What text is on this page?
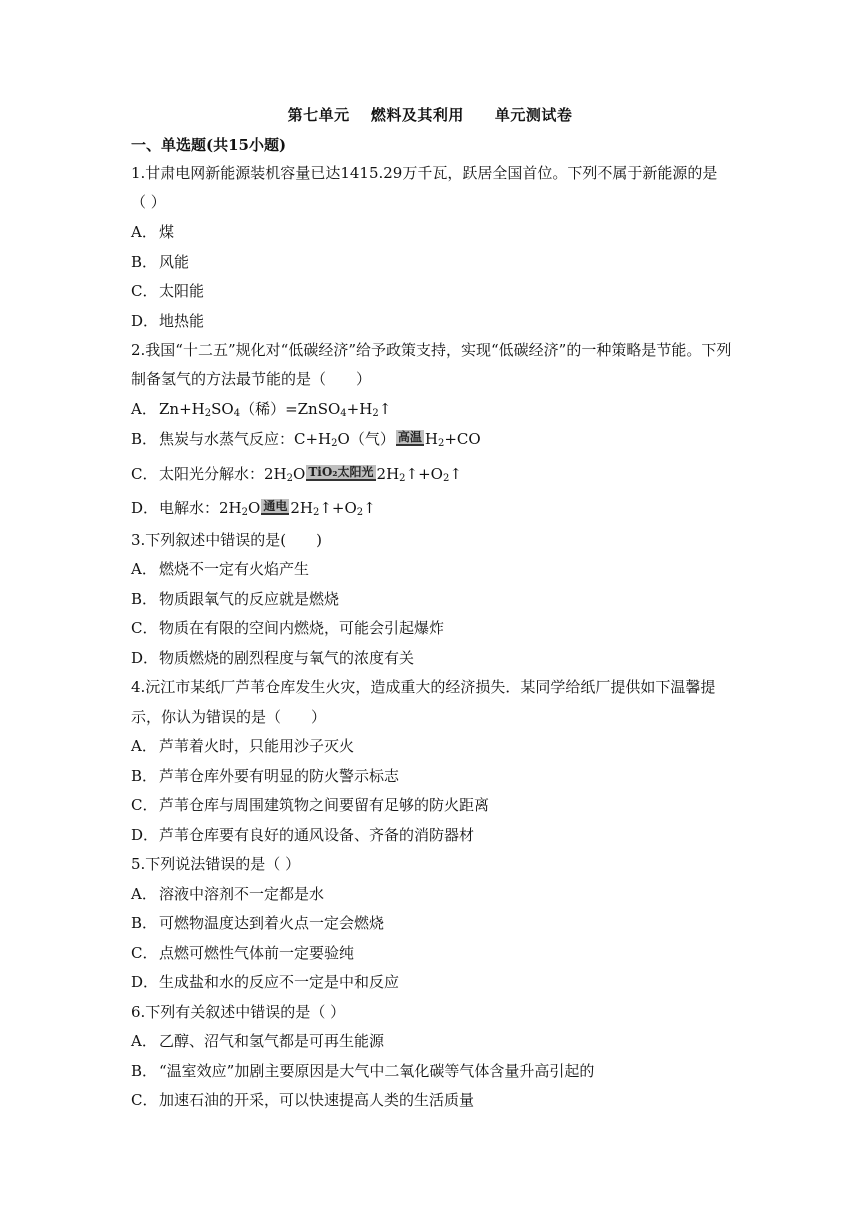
第七单元　 燃料及其利用　　单元测试卷
一、单选题(共15小题)
1.甘肃电网新能源装机容量已达1415.29万千瓦，跃居全国首位。下列不属于新能源的是
（ ）
A． 煤
B． 风能
C． 太阳能
D．地热能
2.我国“十二五”规化对“低碳经济”给予政策支持，实现“低碳经济”的一种策略是节能。下列
制备氢气的方法最节能的是（　　）
A． $Zn+H_2SO_4$（稀）$=ZnSO_4+H_2↑$
B． 焦炭与水蒸气反应：$C+H_2O$（气） 高温 $H_2+CO$
C． 太阳光分解水：$2H_2O$ TiO₂太阳光 $2H_2↑+O_2↑$
D．电解水：$2H_2O$ 通电 $2H_2↑+O_2↑$
3.下列叙述中错误的是(　　)
A． 燃烧不一定有火焰产生
B． 物质跟氧气的反应就是燃烧
C． 物质在有限的空间内燃烧，可能会引起爆炸
D．物质燃烧的剧烈程度与氧气的浓度有关
4.沅江市某纸厂芦苇仓库发生火灾，造成重大的经济损失．某同学给纸厂提供如下温馨提
示，你认为错误的是（　　）
A． 芦苇着火时，只能用沙子灭火
B． 芦苇仓库外要有明显的防火警示标志
C． 芦苇仓库与周围建筑物之间要留有足够的防火距离
D．芦苇仓库要有良好的通风设备、齐备的消防器材
5.下列说法错误的是（ ）
A． 溶液中溶剂不一定都是水
B． 可燃物温度达到着火点一定会燃烧
C． 点燃可燃性气体前一定要验纯
D．生成盐和水的反应不一定是中和反应
6.下列有关叙述中错误的是（ ）
A． 乙醇、沼气和氢气都是可再生能源
B． “温室效应”加剧主要原因是大气中二氧化碳等气体含量升高引起的
C． 加速石油的开采，可以快速提高人类的生活质量
